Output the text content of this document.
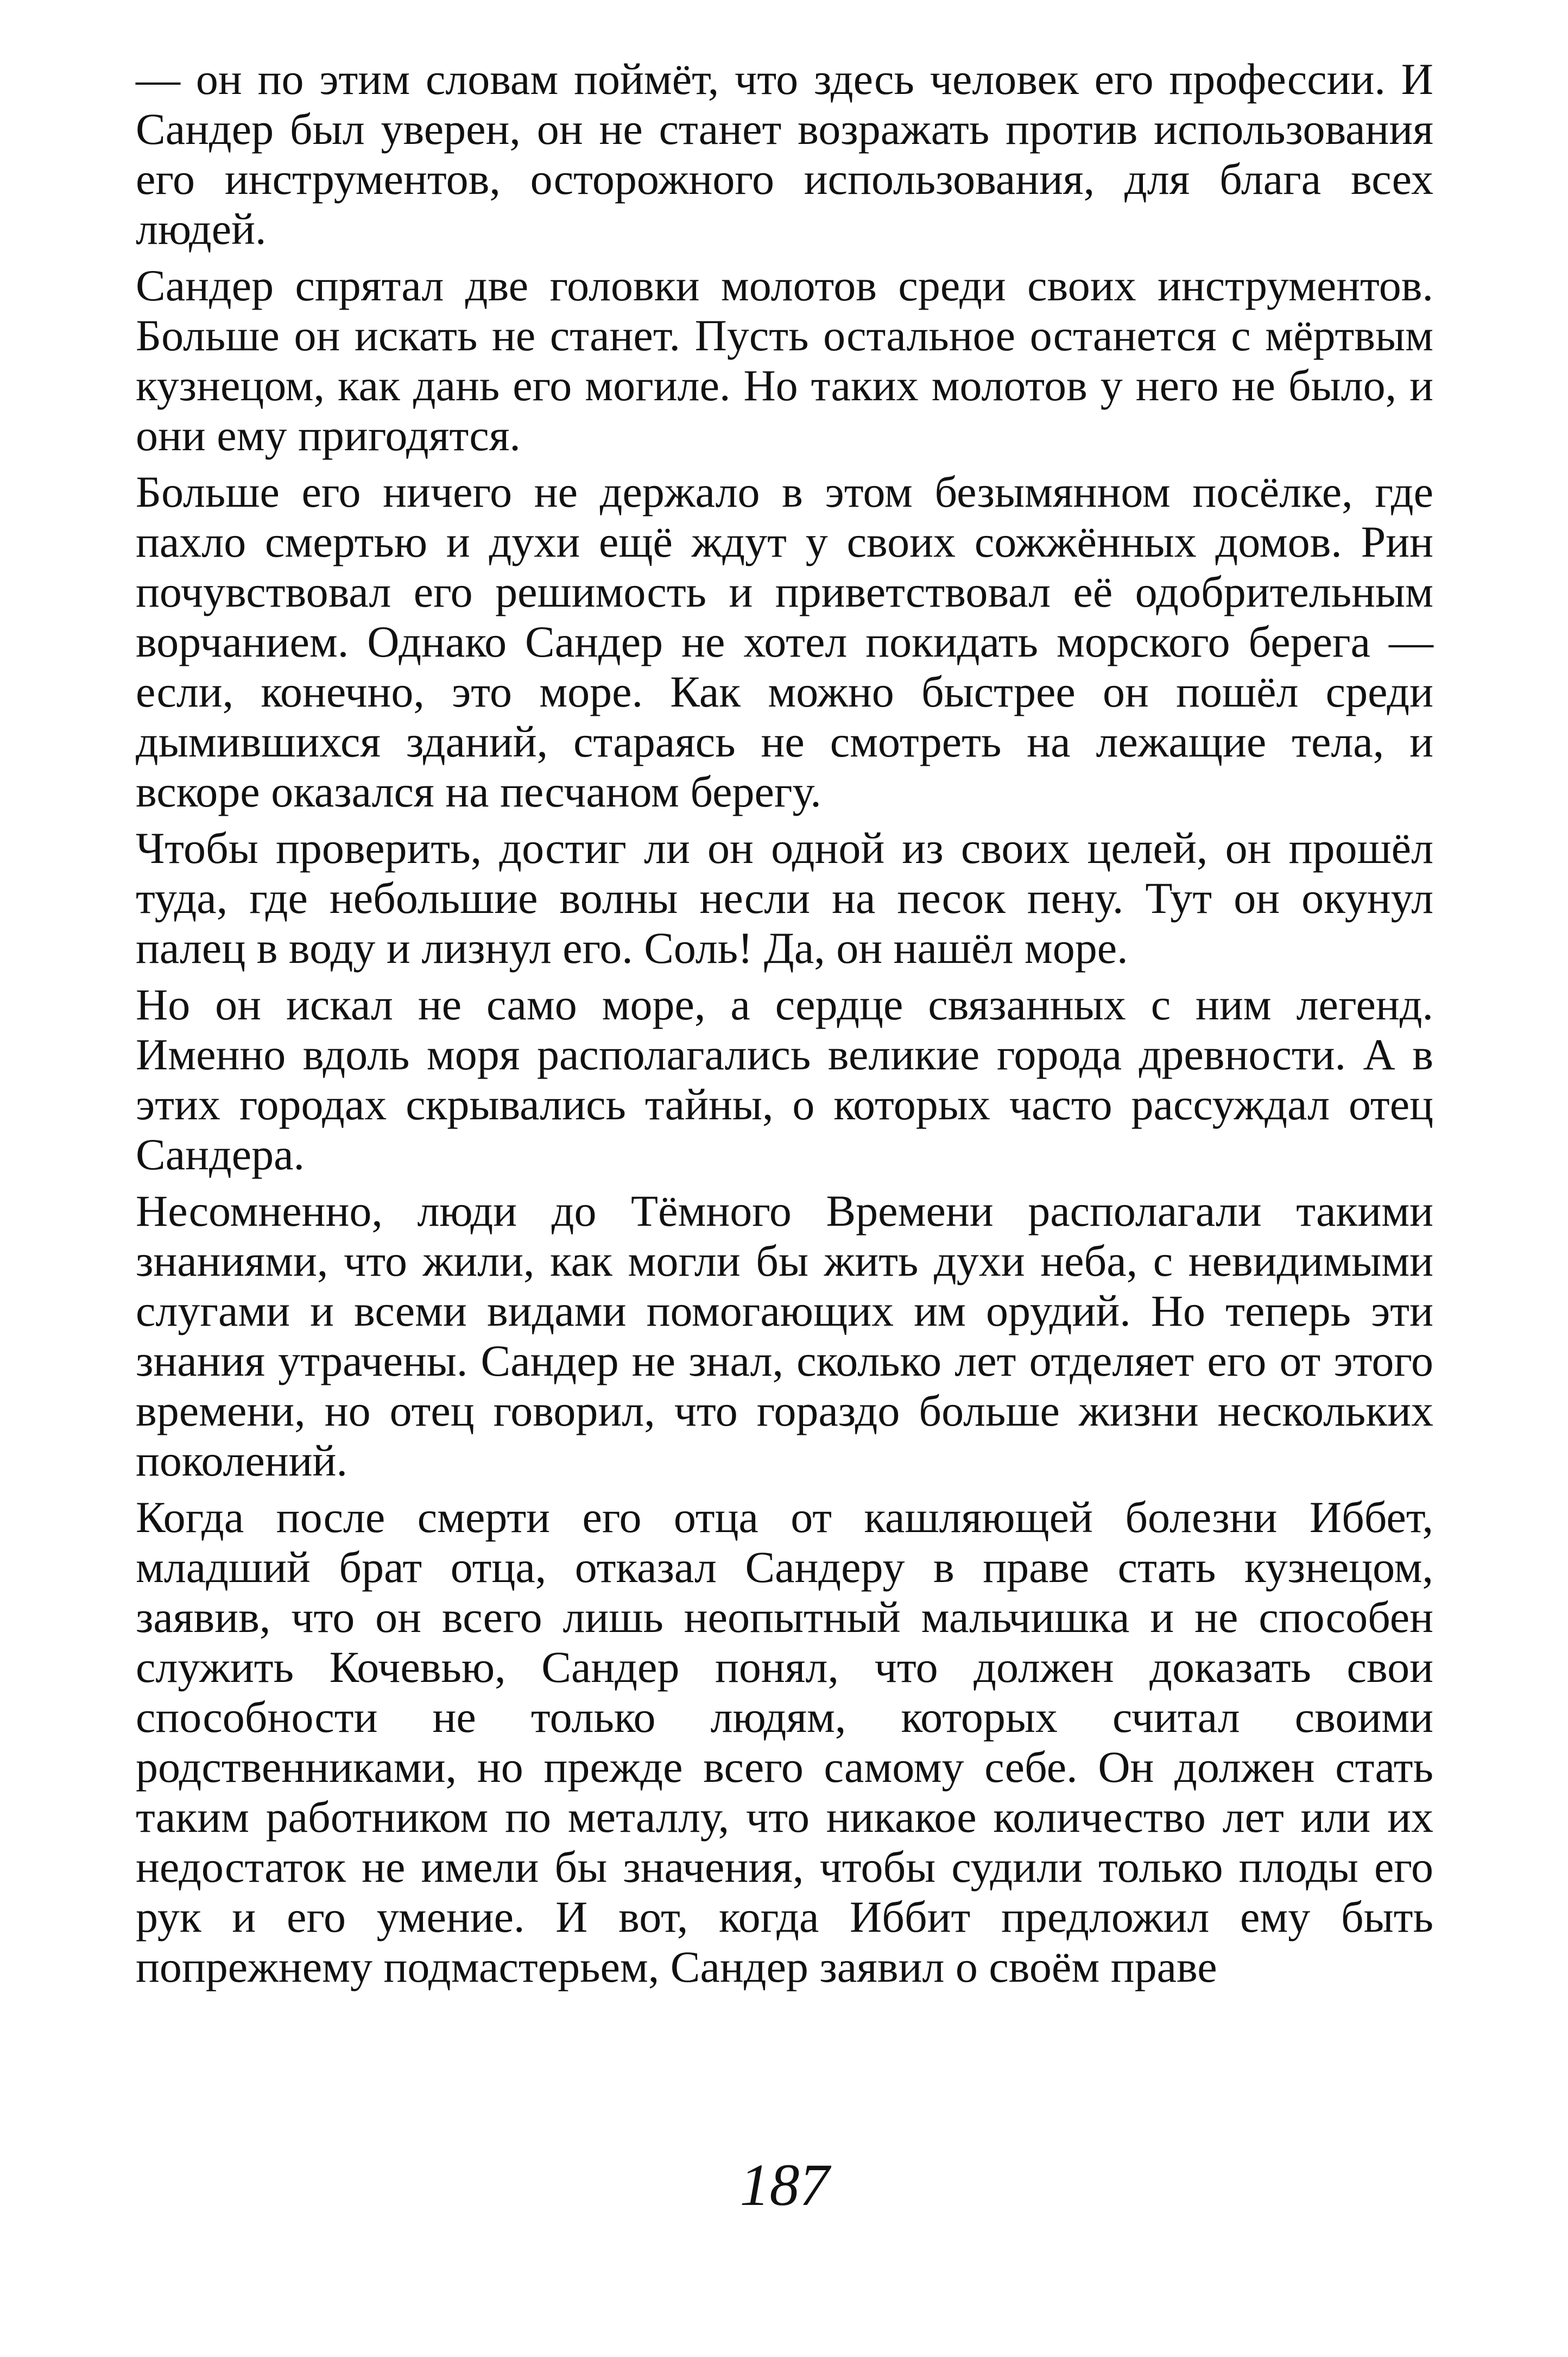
— он по этим словам поймёт, что здесь человек его профессии. И Сандер был уверен, он не станет возражать против использования его инструментов, осторожного использования, для блага всех людей.

Сандер спрятал две головки молотов среди своих инструментов. Больше он искать не станет. Пусть остальное останется с мёртвым кузнецом, как дань его могиле. Но таких молотов у него не было, и они ему пригодятся.

Больше его ничего не держало в этом безымянном посёлке, где пахло смертью и духи ещё ждут у своих сожжённых домов. Рин почувствовал его решимость и приветствовал её одобрительным ворчанием. Однако Сандер не хотел покидать морского берега — если, конечно, это море. Как можно быстрее он пошёл среди дымившихся зданий, стараясь не смотреть на лежащие тела, и вскоре оказался на песчаном берегу.

Чтобы проверить, достиг ли он одной из своих целей, он прошёл туда, где небольшие волны несли на песок пену. Тут он окунул палец в воду и лизнул его. Соль! Да, он нашёл море.

Но он искал не само море, а сердце связанных с ним легенд. Именно вдоль моря располагались великие города древности. А в этих городах скрывались тайны, о которых часто рассуждал отец Сандера.

Несомненно, люди до Тёмного Времени располагали такими знаниями, что жили, как могли бы жить духи неба, с невидимыми слугами и всеми видами помогающих им орудий. Но теперь эти знания утрачены. Сандер не знал, сколько лет отделяет его от этого времени, но отец говорил, что гораздо больше жизни нескольких поколений.

Когда после смерти его отца от кашляющей болезни Иббет, младший брат отца, отказал Сандеру в праве стать кузнецом, заявив, что он всего лишь неопытный мальчишка и не способен служить Кочевью, Сандер понял, что должен доказать свои способности не только людям, которых считал своими родственниками, но прежде всего самому себе. Он должен стать таким работником по металлу, что никакое количество лет или их недостаток не имели бы значения, чтобы судили только плоды его рук и его умение. И вот, когда Иббит предложил ему быть попрежнему подмастерьем, Сандер заявил о своём праве

187
